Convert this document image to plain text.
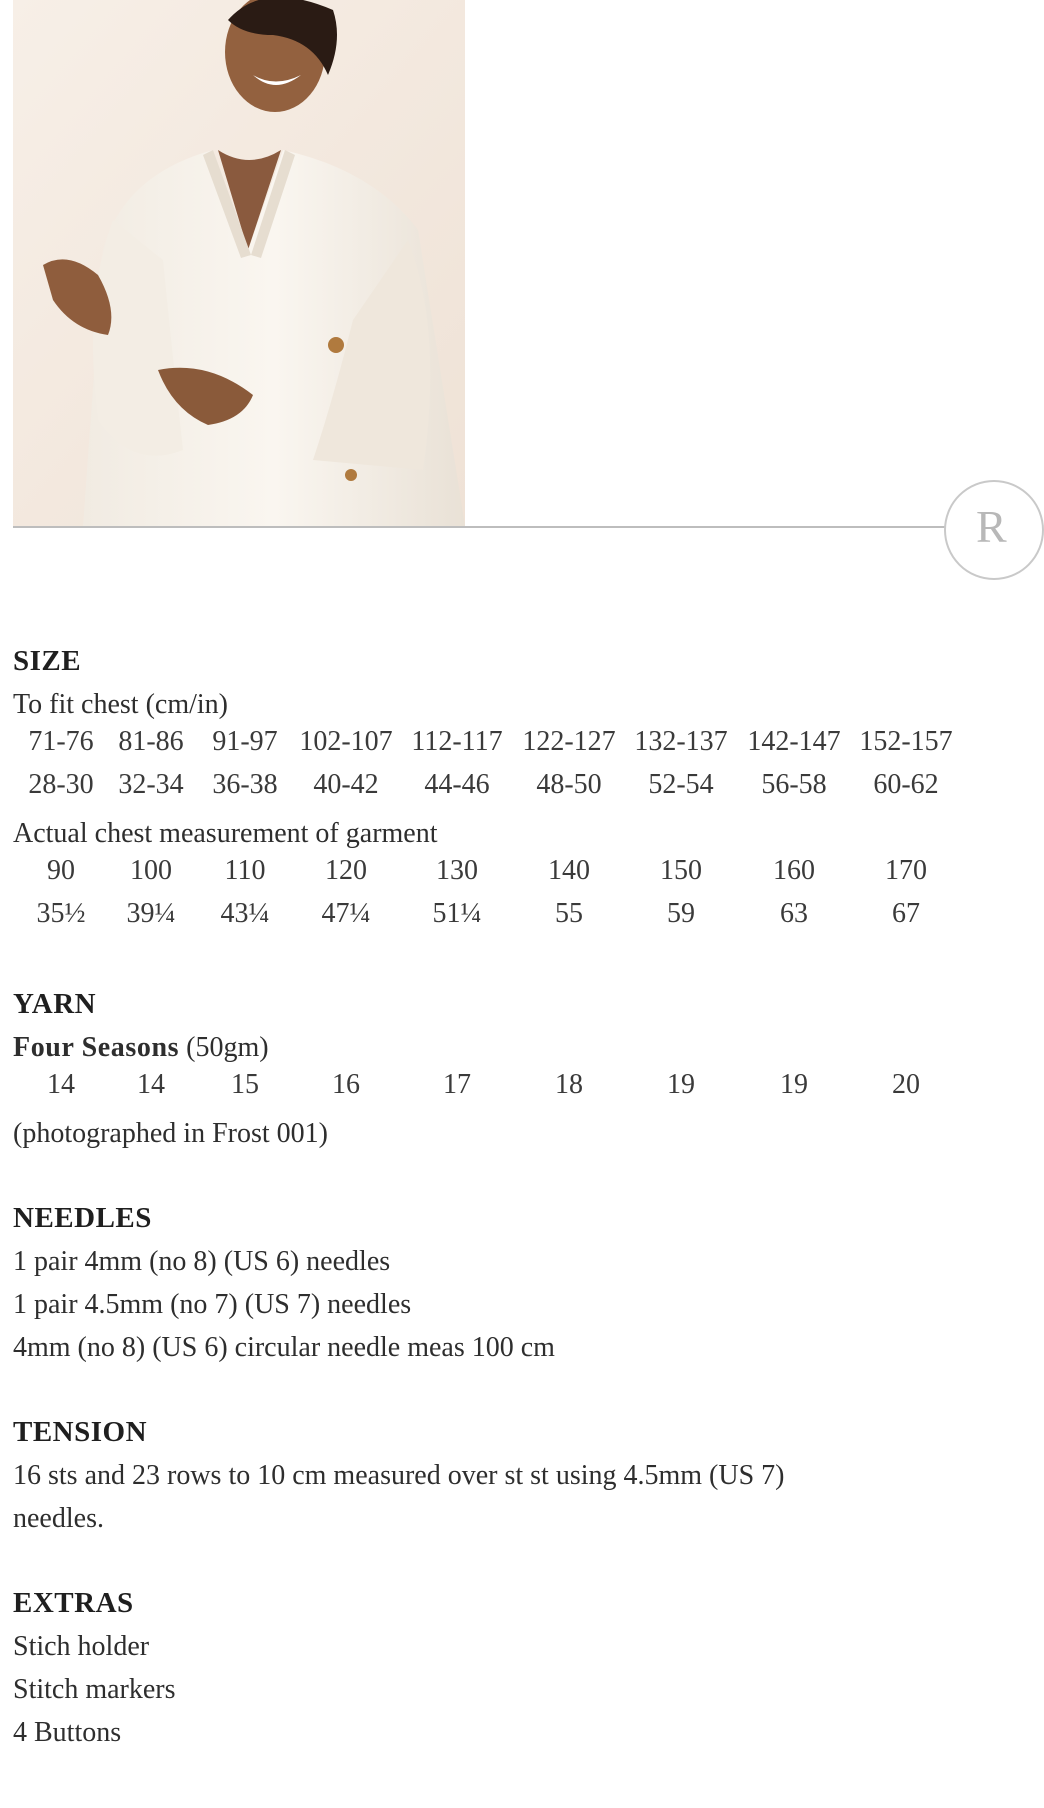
R
SIZE
To fit chest (cm/in)
71-76 81-86 91-97 102-107 112-117 122-127 132-137 142-147 152-157
28-30 32-34 36-38 40-42 44-46 48-50 52-54 56-58 60-62
Actual chest measurement of garment
90 100 110 120 130	140	150	160	170
35½ 39¼ 43¼ 47¼ 51¼	55	59	63	67
YARN
Four Seasons (50gm)
14 14 15	16	17	18	19	19	20
(photographed in Frost 001)
NEEDLES
1 pair 4mm (no 8) (US 6) needles
1 pair 4.5mm (no 7) (US 7) needles
4mm (no 8) (US 6) circular needle meas 100 cm
TENSION
16 sts and 23 rows to 10 cm measured over st st using 4.5mm (US 7)
needles.
EXTRAS
Stich holder
Stitch markers
4 Buttons
